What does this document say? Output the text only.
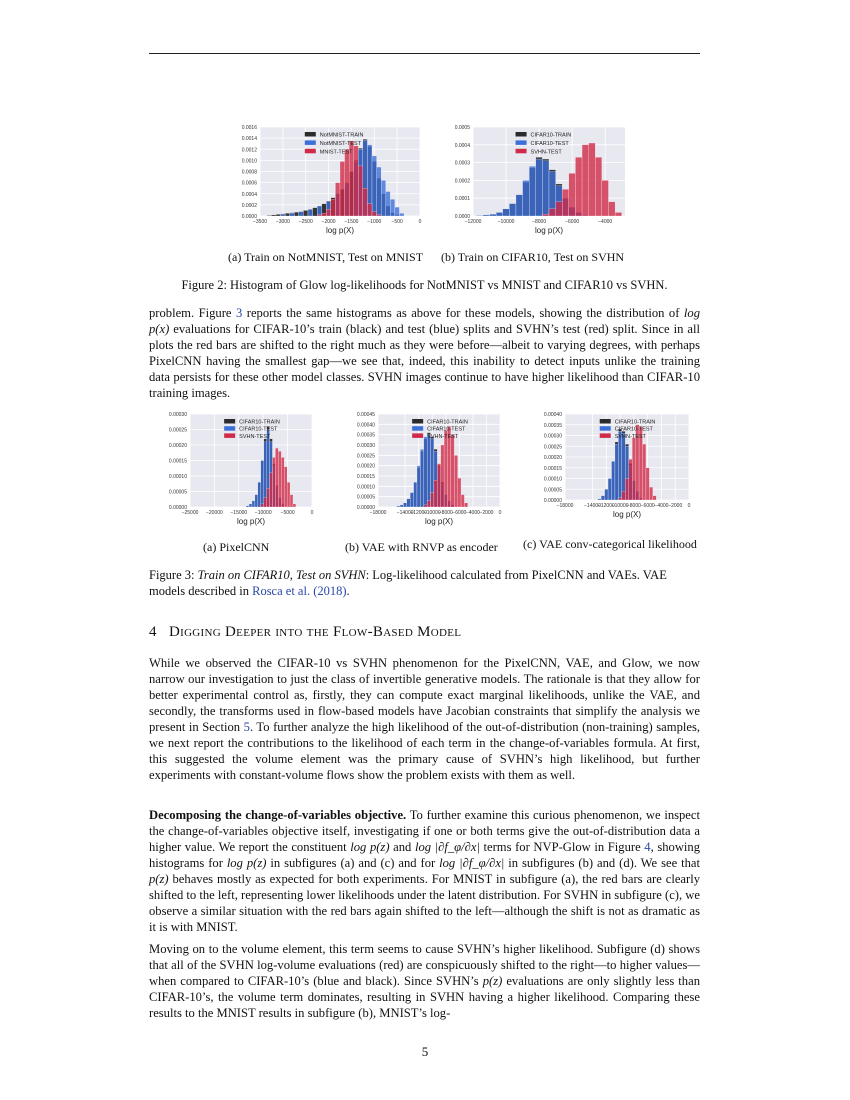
0.0000
0.0002
0.0004
0.0006
0.0008
0.0010
0.0012
0.0014
0.0016
−3500 −3000 −2500 −2000 −1500 −1000 −500	0
log p(X)
NotMNIST-TRAIN
NotMNIST-TEST
MNIST-TEST
0.0000
0.0001
0.0002
0.0003
0.0004
0.0005
−12000	−10000	−8000	−6000	−4000
log p(X)
CIFAR10-TRAIN
CIFAR10-TEST
SVHN-TEST
(a) Train on NotMNIST, Test on MNIST (b) Train on CIFAR10, Test on SVHN
Figure 2: Histogram of Glow log-likelihoods for NotMNIST vs MNIST and CIFAR10 vs SVHN.
problem. Figure 3 reports the same histograms as above for these models, showing the distribution of log p(x) evaluations for CIFAR-10’s train (black) and test (blue) splits and SVHN’s test (red) split. Since in all plots the red bars are shifted to the right much as they were before—albeit to varying degrees, with perhaps PixelCNN having the smallest gap—we see that, indeed, this inability to detect inputs unlike the training data persists for these other model classes. SVHN images continue to have higher likelihood than CIFAR-10 training images.
0.00000
0.00005
0.00010
0.00015
0.00020
0.00025
0.00030
−25000 −20000 −15000 −10000 −5000	0
log p(X)
CIFAR10-TRAIN
CIFAR10-TEST
SVHN-TEST
0.00000
0.00005
0.00010
0.00015
0.00020
0.00025
0.00030
0.00035
0.00040
0.00045
−18000 −14000
−12000
−10000
−8000 −6000 −4000 −2000 0
log p(X)
CIFAR10-TRAIN
CIFAR10-TEST
SVHN-TEST
0.00000
0.00005
0.00010
0.00015
0.00020
0.00025
0.00030
0.00035
0.00040
−18000 −14000
−12000
−10000
−8000 −6000 −4000 −2000 0
log p(X)
CIFAR10-TRAIN
CIFAR10-TEST
SVHN-TEST
(a) PixelCNN	(b) VAE with RNVP as encoder (c) VAE conv-categorical likelihood
Figure 3: Train on CIFAR10, Test on SVHN: Log-likelihood calculated from PixelCNN and VAEs. VAE models described in Rosca et al. (2018).
4 Digging Deeper into the Flow-Based Model
While we observed the CIFAR-10 vs SVHN phenomenon for the PixelCNN, VAE, and Glow, we now narrow our investigation to just the class of invertible generative models. The rationale is that they allow for better experimental control as, firstly, they can compute exact marginal likelihoods, unlike the VAE, and secondly, the transforms used in flow-based models have Jacobian constraints that simplify the analysis we present in Section 5. To further analyze the high likelihood of the out-of-distribution (non-training) samples, we next report the contributions to the likelihood of each term in the change-of-variables formula. At first, this suggested the volume element was the primary cause of SVHN’s high likelihood, but further experiments with constant-volume flows show the problem exists with them as well.
Decomposing the change-of-variables objective. To further examine this curious phenomenon, we inspect the change-of-variables objective itself, investigating if one or both terms give the out-of-distribution data a higher value. We report the constituent log p(z) and log |∂f_φ/∂x| terms for NVP-Glow in Figure 4, showing histograms for log p(z) in subfigures (a) and (c) and for log |∂f_φ/∂x| in subfigures (b) and (d). We see that p(z) behaves mostly as expected for both experiments. For MNIST in subfigure (a), the red bars are clearly shifted to the left, representing lower likelihoods under the latent distribution. For SVHN in subfigure (c), we observe a similar situation with the red bars again shifted to the left—although the shift is not as dramatic as it is with MNIST.
Moving on to the volume element, this term seems to cause SVHN’s higher likelihood. Subfigure (d) shows that all of the SVHN log-volume evaluations (red) are conspicuously shifted to the right—to higher values—when compared to CIFAR-10’s (blue and black). Since SVHN’s p(z) evaluations are only slightly less than CIFAR-10’s, the volume term dominates, resulting in SVHN having a higher likelihood. Comparing these results to the MNIST results in subfigure (b), MNIST’s log-
5
